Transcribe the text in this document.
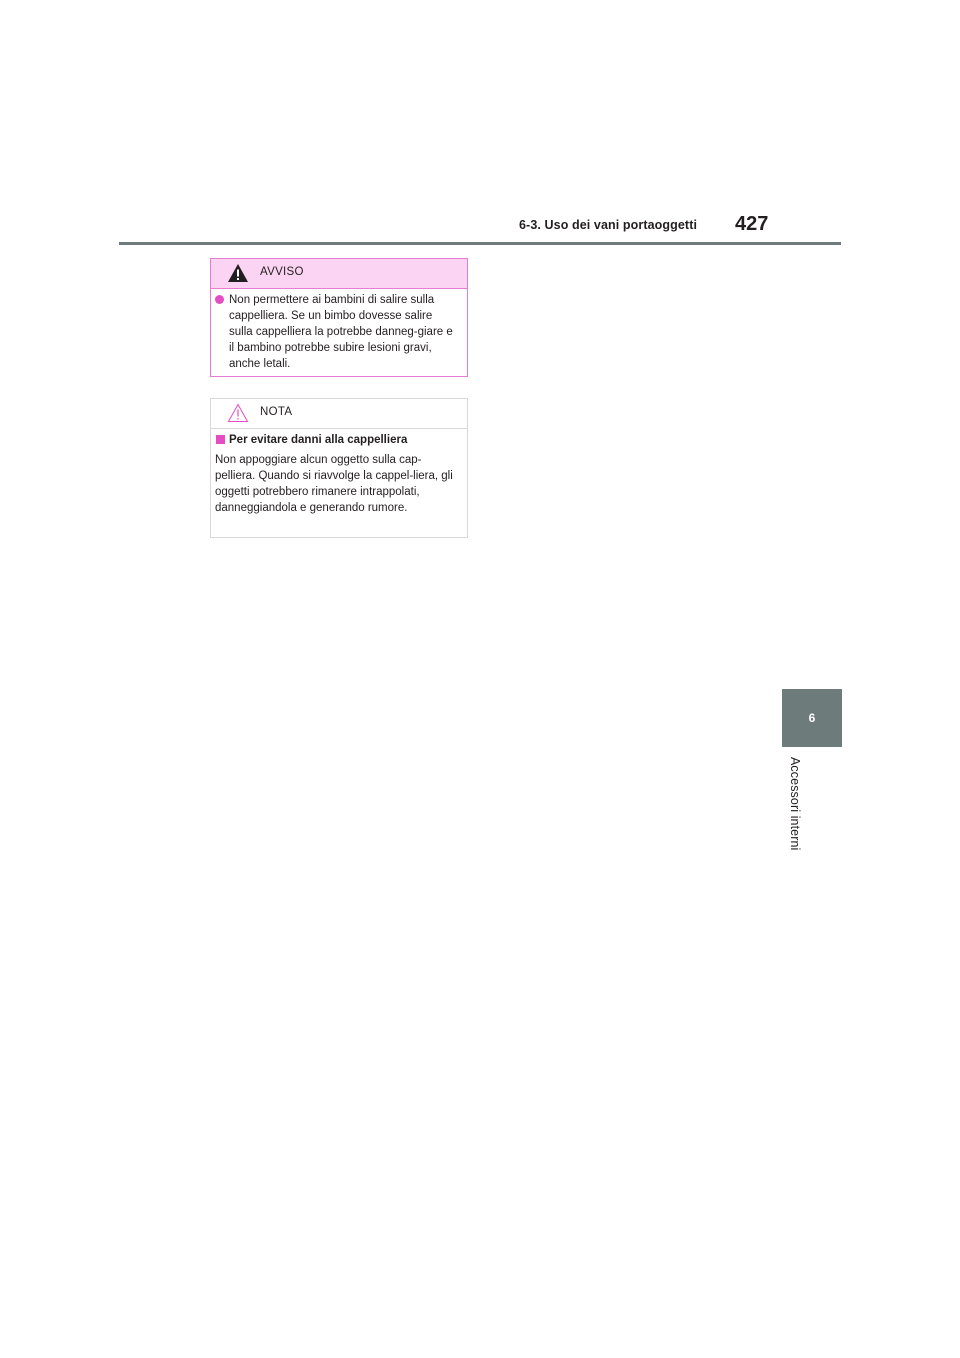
6-3. Uso dei vani portaoggetti 427
6
Accessori interni
AVVISO
Non permettere ai bambini di salire sulla cappelliera. Se un bimbo dovesse salire sulla cappelliera la potrebbe danneg-giare e il bambino potrebbe subire lesioni gravi, anche letali.
NOTA
Per evitare danni alla cappelliera
Non appoggiare alcun oggetto sulla cap-pelliera. Quando si riavvolge la cappel-liera, gli oggetti potrebbero rimanere intrappolati, danneggiandola e generando rumore.
